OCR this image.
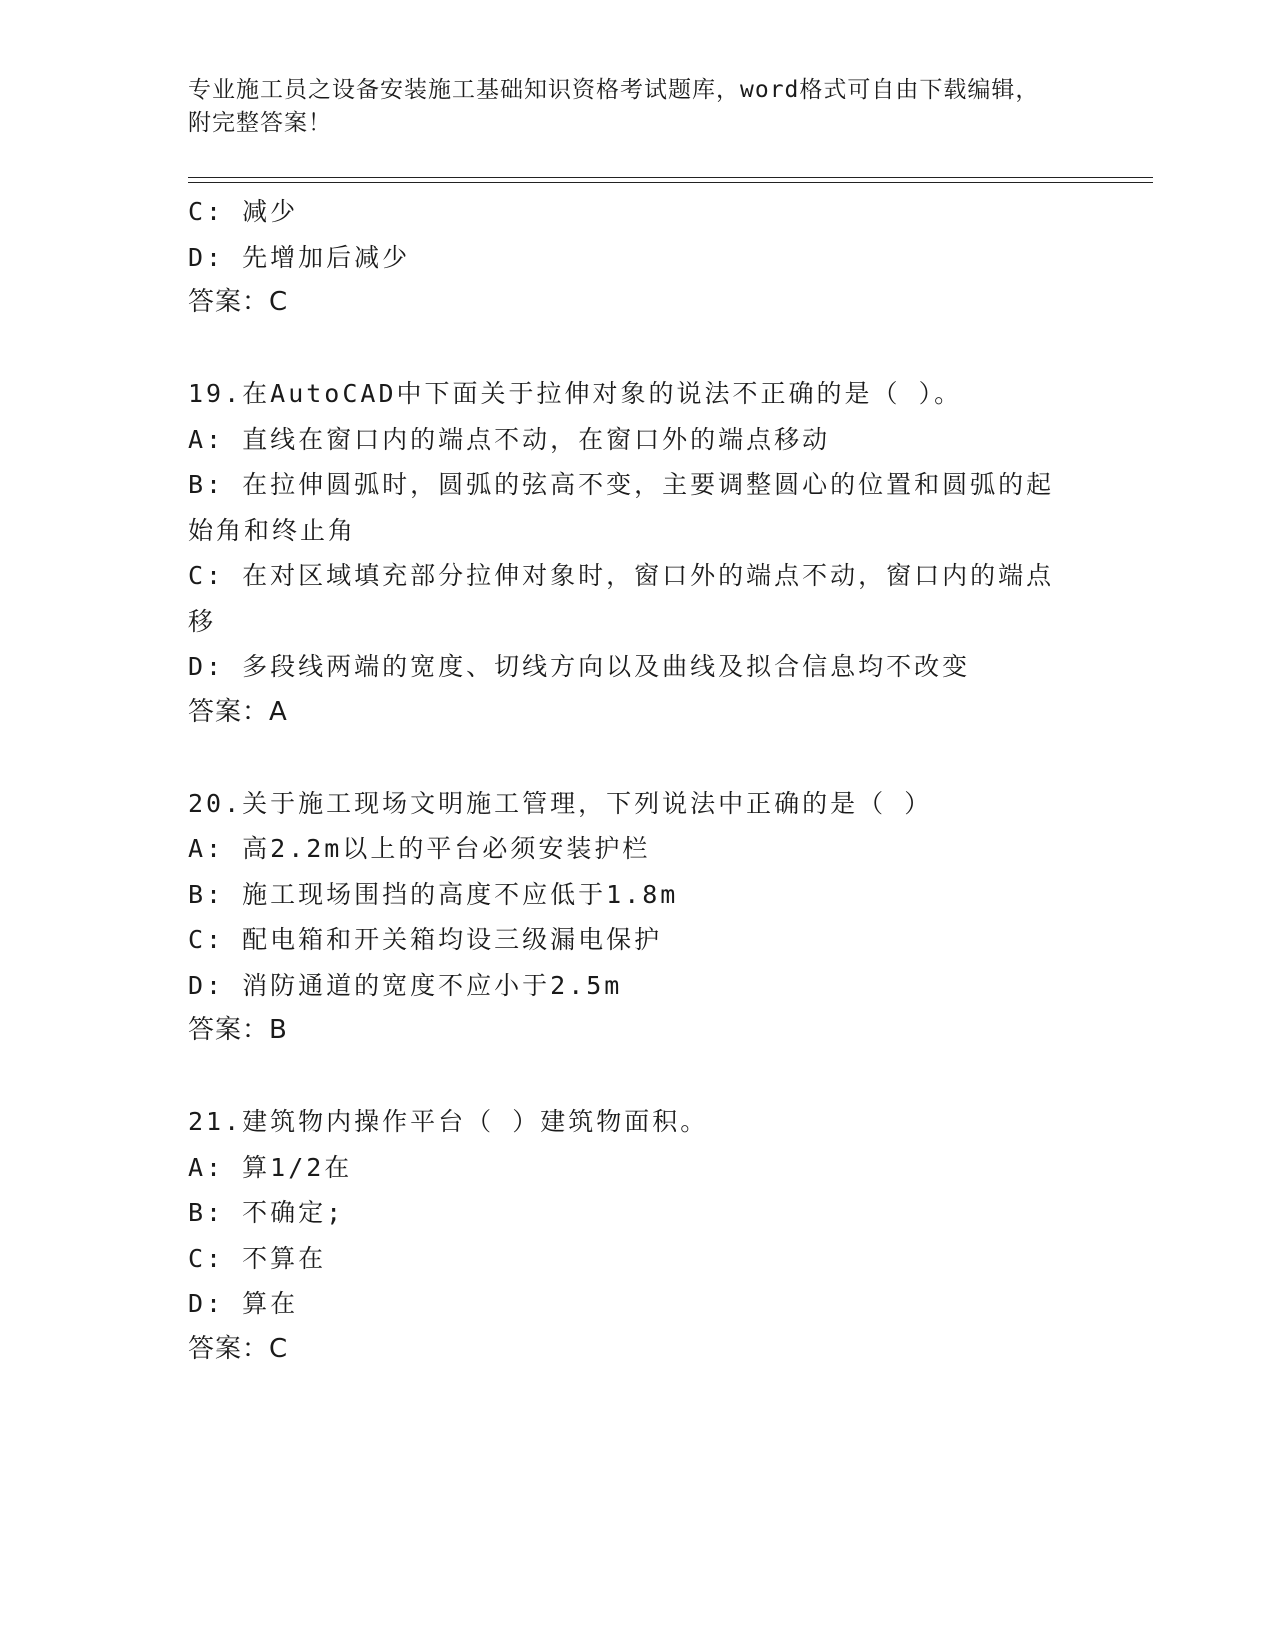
专业施工员之设备安装施工基础知识资格考试题库，word格式可自由下载编辑，
附完整答案！

C: 减少

D: 先增加后减少

答案：C

19.在AutoCAD中下面关于拉伸对象的说法不正确的是（ ）。

A: 直线在窗口内的端点不动，在窗口外的端点移动

B: 在拉伸圆弧时，圆弧的弦高不变，主要调整圆心的位置和圆弧的起

始角和终止角

C: 在对区域填充部分拉伸对象时，窗口外的端点不动，窗口内的端点

移

D: 多段线两端的宽度、切线方向以及曲线及拟合信息均不改变

答案：A

20.关于施工现场文明施工管理，下列说法中正确的是（ ）

A: 高2.2m以上的平台必须安装护栏

B: 施工现场围挡的高度不应低于1.8m

C: 配电箱和开关箱均设三级漏电保护

D: 消防通道的宽度不应小于2.5m

答案：B

21.建筑物内操作平台（ ）建筑物面积。

A: 算1/2在

B: 不确定;

C: 不算在

D: 算在

答案：C
